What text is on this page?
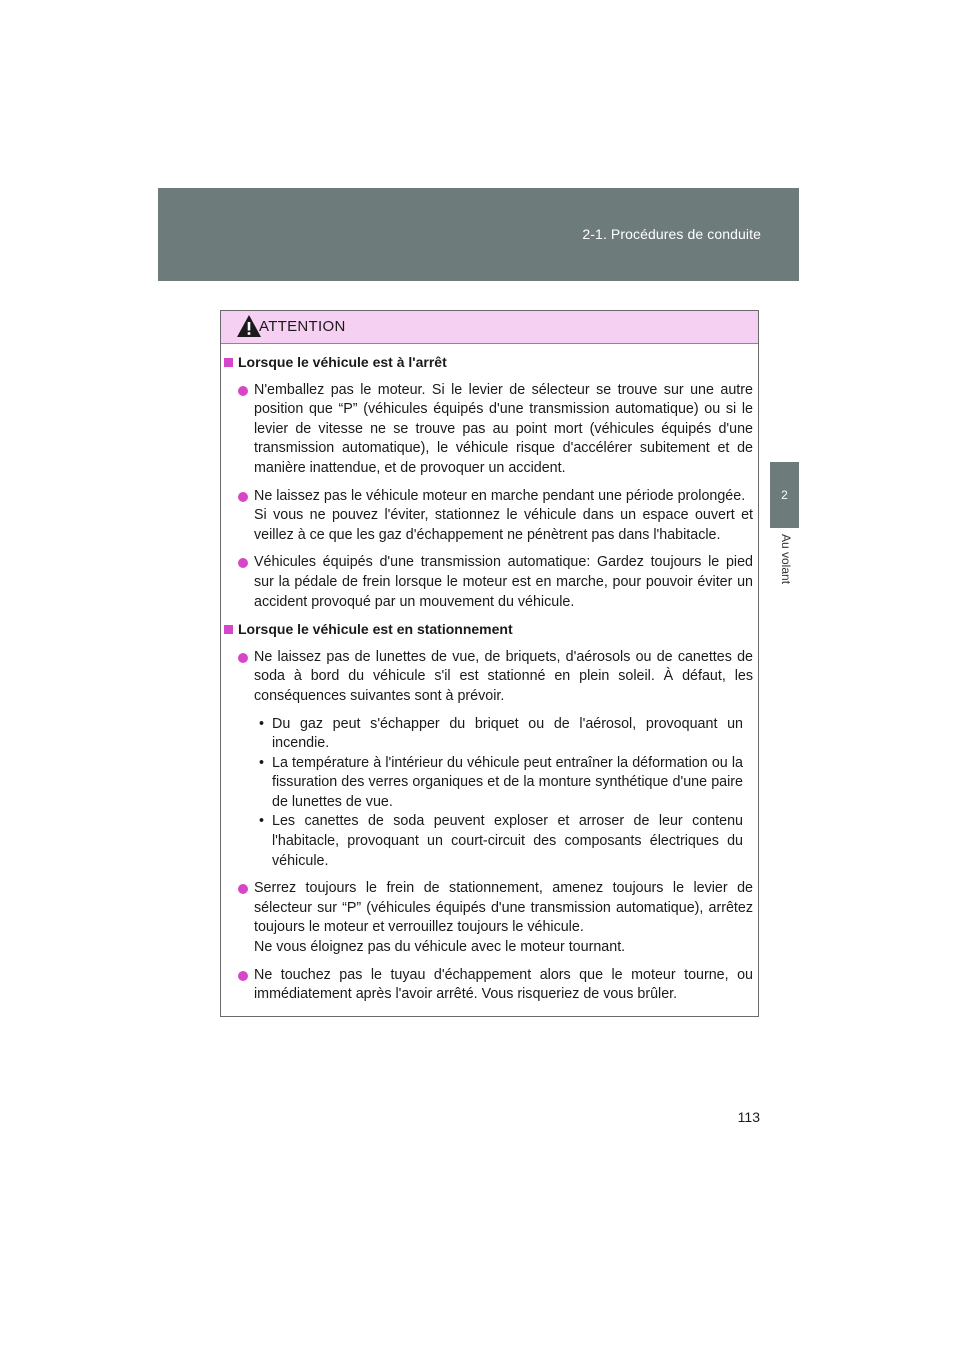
2-1. Procédures de conduite
2
Au volant
ATTENTION
Lorsque le véhicule est à l'arrêt

N'emballez pas le moteur. Si le levier de sélecteur se trouve sur une autre position que “P” (véhicules équipés d'une transmission automatique) ou si le levier de vitesse ne se trouve pas au point mort (véhicules équipés d'une transmission automatique), le véhicule risque d'accélérer subitement et de manière inattendue, et de provoquer un accident.

Ne laissez pas le véhicule moteur en marche pendant une période prolongée.

Si vous ne pouvez l'éviter, stationnez le véhicule dans un espace ouvert et veillez à ce que les gaz d'échappement ne pénètrent pas dans l'habitacle.

Véhicules équipés d'une transmission automatique: Gardez toujours le pied sur la pédale de frein lorsque le moteur est en marche, pour pouvoir éviter un accident provoqué par un mouvement du véhicule.

Lorsque le véhicule est en stationnement

Ne laissez pas de lunettes de vue, de briquets, d'aérosols ou de canettes de soda à bord du véhicule s'il est stationné en plein soleil. À défaut, les conséquences suivantes sont à prévoir.

• Du gaz peut s'échapper du briquet ou de l'aérosol, provoquant un incendie.
• La température à l'intérieur du véhicule peut entraîner la déformation ou la fissuration des verres organiques et de la monture synthétique d'une paire de lunettes de vue.
• Les canettes de soda peuvent exploser et arroser de leur contenu l'habitacle, provoquant un court-circuit des composants électriques du véhicule.

Serrez toujours le frein de stationnement, amenez toujours le levier de sélecteur sur “P” (véhicules équipés d'une transmission automatique), arrêtez toujours le moteur et verrouillez toujours le véhicule.

Ne vous éloignez pas du véhicule avec le moteur tournant.

Ne touchez pas le tuyau d'échappement alors que le moteur tourne, ou immédiatement après l'avoir arrêté. Vous risqueriez de vous brûler.

113
